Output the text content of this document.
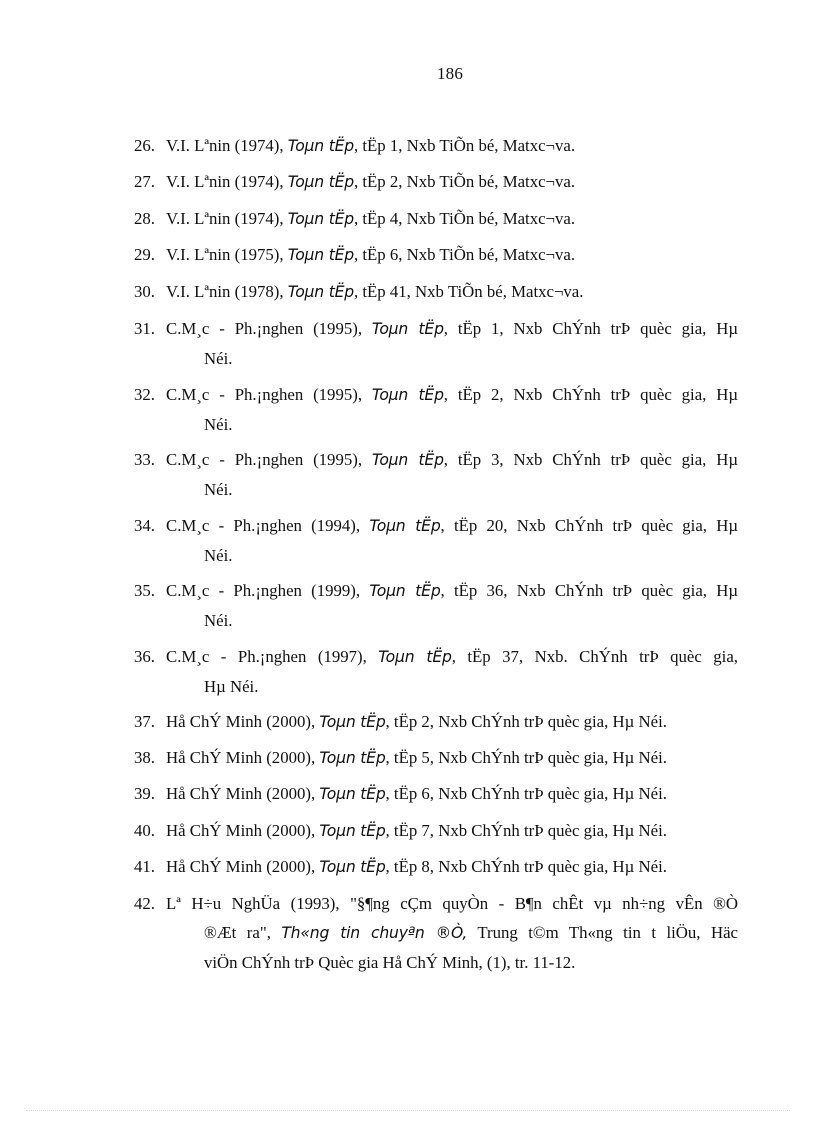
186
26. V.I. Lªnin (1974), Toµn tËp, tËp 1, Nxb TiÕn bé, Matxc¬va.
27. V.I. Lªnin (1974), Toµn tËp, tËp 2, Nxb TiÕn bé, Matxc¬va.
28. V.I. Lªnin (1974), Toµn tËp, tËp 4, Nxb TiÕn bé, Matxc¬va.
29. V.I. Lªnin (1975), Toµn tËp, tËp 6, Nxb TiÕn bé, Matxc¬va.
30. V.I. Lªnin (1978), Toµn tËp, tËp 41, Nxb TiÕn bé, Matxc¬va.
31. C.M¸c - Ph.¡nghen (1995), Toµn tËp, tËp 1, Nxb ChÝnh trÞ quèc gia, Hµ
Néi.
32. C.M¸c - Ph.¡nghen (1995), Toµn tËp, tËp 2, Nxb ChÝnh trÞ quèc gia, Hµ
Néi.
33. C.M¸c - Ph.¡nghen (1995), Toµn tËp, tËp 3, Nxb ChÝnh trÞ quèc gia, Hµ
Néi.
34. C.M¸c - Ph.¡nghen (1994), Toµn tËp, tËp 20, Nxb ChÝnh trÞ quèc gia, Hµ
Néi.
35. C.M¸c - Ph.¡nghen (1999), Toµn tËp, tËp 36, Nxb ChÝnh trÞ quèc gia, Hµ
Néi.
36. C.M¸c - Ph.¡nghen (1997), Toµn tËp, tËp 37, Nxb. ChÝnh trÞ quèc gia,
Hµ Néi.
37. Hå ChÝ Minh (2000), Toµn tËp, tËp 2, Nxb ChÝnh trÞ quèc gia, Hµ Néi.
38. Hå ChÝ Minh (2000), Toµn tËp, tËp 5, Nxb ChÝnh trÞ quèc gia, Hµ Néi.
39. Hå ChÝ Minh (2000), Toµn tËp, tËp 6, Nxb ChÝnh trÞ quèc gia, Hµ Néi.
40. Hå ChÝ Minh (2000), Toµn tËp, tËp 7, Nxb ChÝnh trÞ quèc gia, Hµ Néi.
41. Hå ChÝ Minh (2000), Toµn tËp, tËp 8, Nxb ChÝnh trÞ quèc gia, Hµ Néi.
42. Lª H÷u NghÜa (1993), "§¶ng cÇm quyÒn - B¶n chÊt vµ nh÷ng vÊn ®Ò
®Æt ra", Th«ng tin chuyªn ®Ò, Trung t©m Th«ng tin t liÖu, Häc
viÖn ChÝnh trÞ Quèc gia Hå ChÝ Minh, (1), tr. 11-12.
